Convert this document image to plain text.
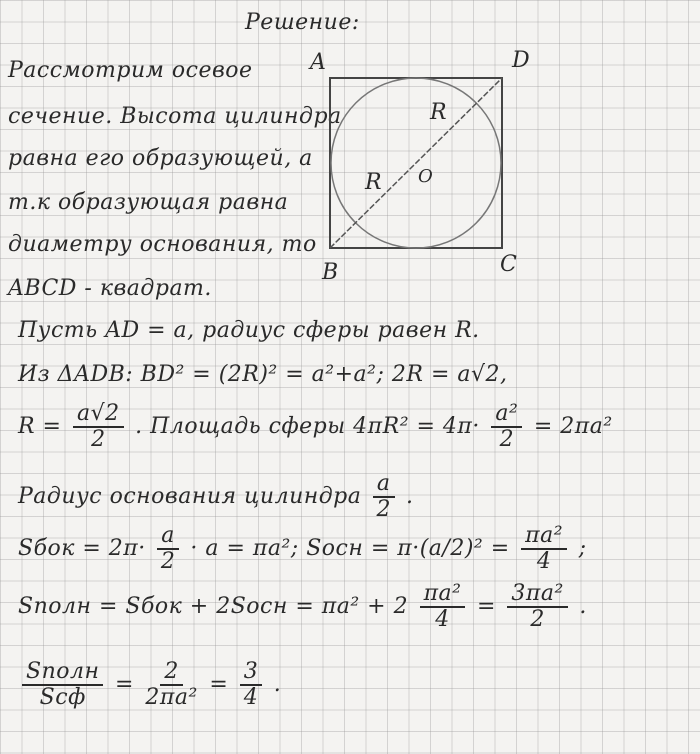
Решение:
Рассмотрим осевое
сечение. Высота цилиндра
равна его образующей, а
т.к образующая равна
диаметру основания, то
ABCD - квадрат.
A	D
B	C
R
R O
Пусть AD = a, радиус сферы равен R.
Из ΔADB: BD² = (2R)² = a²+a²; 2R = a√2,
$R = \frac{a√2}{2}$ . Площадь сферы $4\pi R^2 = 4\pi\cdot \frac{\text{a²}}{2} = 2\pi a^2$
Радиус основания цилиндра $\frac{a}{2}$ .
Sбок = $2\pi\cdot \frac{a}{2} \cdot a = \pi a^2$; Sосн = $\pi\cdot(a/2)^2 = \frac{\text{πa²}}{4}$ ;
Sполн = Sбок + 2Sосн = $\pi a^2 + 2 \frac{\text{πa²}}{4} = \frac{\text{3πa²}}{2}$ .
$\frac{\text{Sполн}}{\text{Sсф}} = \frac{2}{\text{2πa²}} = \frac{3}{4}$ .
